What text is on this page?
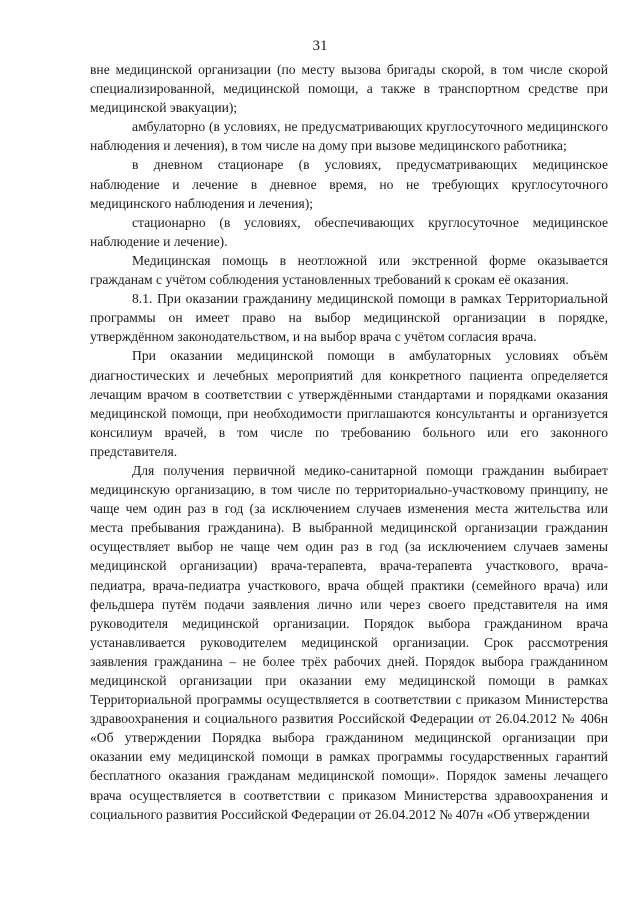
31

вне медицинской организации (по месту вызова бригады скорой, в том числе скорой специализированной, медицинской помощи, а также в транспортном средстве при медицинской эвакуации);

амбулаторно (в условиях, не предусматривающих круглосуточного медицинского наблюдения и лечения), в том числе на дому при вызове медицинского работника;

в дневном стационаре (в условиях, предусматривающих медицинское наблюдение и лечение в дневное время, но не требующих круглосуточного медицинского наблюдения и лечения);

стационарно (в условиях, обеспечивающих круглосуточное медицинское наблюдение и лечение).

Медицинская помощь в неотложной или экстренной форме оказывается гражданам с учётом соблюдения установленных требований к срокам её оказания.

8.1. При оказании гражданину медицинской помощи в рамках Территориальной программы он имеет право на выбор медицинской организации в порядке, утверждённом законодательством, и на выбор врача с учётом согласия врача.

При оказании медицинской помощи в амбулаторных условиях объём диагностических и лечебных мероприятий для конкретного пациента определяется лечащим врачом в соответствии с утверждёнными стандартами и порядками оказания медицинской помощи, при необходимости приглашаются консультанты и организуется консилиум врачей, в том числе по требованию больного или его законного представителя.

Для получения первичной медико-санитарной помощи гражданин выбирает медицинскую организацию, в том числе по территориально-участковому принципу, не чаще чем один раз в год (за исключением случаев изменения места жительства или места пребывания гражданина). В выбранной медицинской организации гражданин осуществляет выбор не чаще чем один раз в год (за исключением случаев замены медицинской организации) врача-терапевта, врача-терапевта участкового, врача-педиатра, врача-педиатра участкового, врача общей практики (семейного врача) или фельдшера путём подачи заявления лично или через своего представителя на имя руководителя медицинской организации. Порядок выбора гражданином врача устанавливается руководителем медицинской организации. Срок рассмотрения заявления гражданина – не более трёх рабочих дней. Порядок выбора гражданином медицинской организации при оказании ему медицинской помощи в рамках Территориальной программы осуществляется в соответствии с приказом Министерства здравоохранения и социального развития Российской Федерации от 26.04.2012 № 406н «Об утверждении Порядка выбора гражданином медицинской организации при оказании ему медицинской помощи в рамках программы государственных гарантий бесплатного оказания гражданам медицинской помощи». Порядок замены лечащего врача осуществляется в соответствии с приказом Министерства здравоохранения и социального развития Российской Федерации от 26.04.2012 № 407н «Об утверждении
